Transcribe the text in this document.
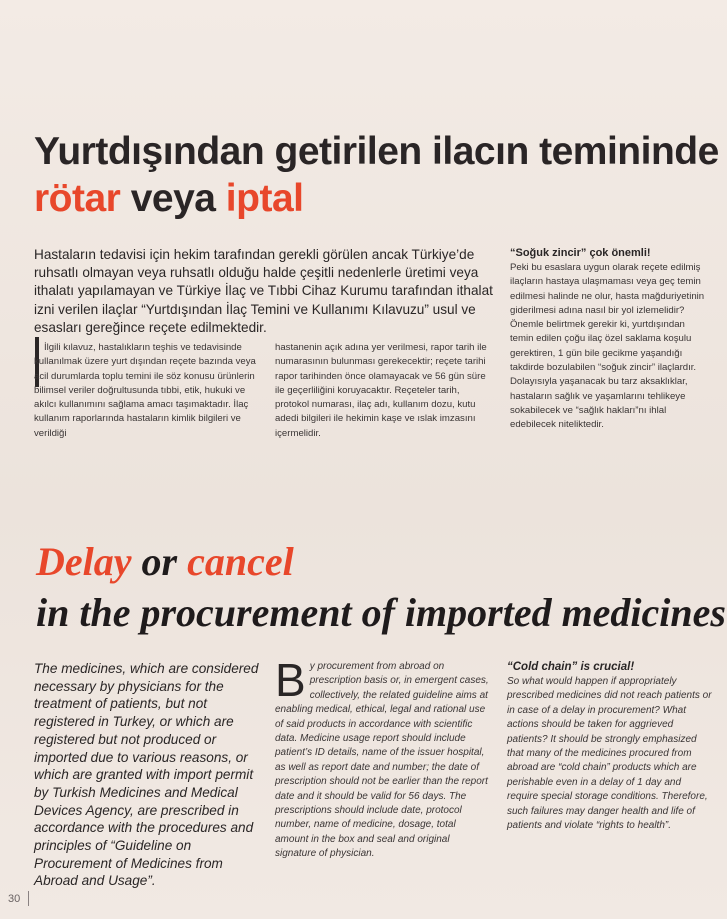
Yurtdışından getirilen ilacın temininde
rötar veya iptal

Hastaların tedavisi için hekim tarafından gerekli görülen ancak Türkiye’de ruhsatlı olmayan veya ruhsatlı olduğu halde çeşitli nedenlerle üretimi veya ithalatı yapılamayan ve Türkiye İlaç ve Tıbbi Cihaz Kurumu tarafından ithalat izni verilen ilaçlar “Yurtdışından İlaç Temini ve Kullanımı Kılavuzu” usul ve esasları gereğince reçete edilmektedir.

İlgili kılavuz, hastalıkların teşhis ve tedavisinde kullanılmak üzere yurt dışından reçete bazında veya acil durumlarda toplu temini ile söz konusu ürünlerin bilimsel veriler doğrultusunda tıbbi, etik, hukuki ve akılcı kullanımını sağlama amacı taşımaktadır. İlaç kullanım raporlarında hastaların kimlik bilgileri ve verildiği

hastanenin açık adına yer verilmesi, rapor tarih ile numarasının bulunması gerekecektir; reçete tarihi rapor tarihinden önce olamayacak ve 56 gün süre ile geçerliliğini koruyacaktır. Reçeteler tarih, protokol numarası, ilaç adı, kullanım dozu, kutu adedi bilgileri ile hekimin kaşe ve ıslak imzasını içermelidir.

“Soğuk zincir” çok önemli!

Peki bu esaslara uygun olarak reçete edilmiş ilaçların hastaya ulaşmaması veya geç temin edilmesi halinde ne olur, hasta mağduriyetinin giderilmesi adına nasıl bir yol izlemelidir? Önemle belirtmek gerekir ki, yurtdışından temin edilen çoğu ilaç özel saklama koşulu gerektiren, 1 gün bile gecikme yaşandığı takdirde bozulabilen “soğuk zincir” ilaçlardır. Dolayısıyla yaşanacak bu tarz aksaklıklar, hastaların sağlık ve yaşamlarını tehlikeye sokabilecek ve “sağlık hakları”nı ihlal edebilecek niteliktedir.

Delay or cancel
in the procurement of imported medicines

The medicines, which are considered necessary by physicians for the treatment of patients, but not registered in Turkey, or which are registered but not produced or imported due to various reasons, or which are granted with import permit by Turkish Medicines and Medical Devices Agency, are prescribed in accordance with the procedures and principles of “Guideline on Procurement of Medicines from Abroad and Usage”.

By procurement from abroad on prescription basis or, in emergent cases, collectively, the related guideline aims at enabling medical, ethical, legal and rational use of said products in accordance with scientific data. Medicine usage report should include patient’s ID details, name of the issuer hospital, as well as report date and number; the date of prescription should not be earlier than the report date and it should be valid for 56 days. The prescriptions should include date, protocol number, name of medicine, dosage, total amount in the box and seal and original signature of physician.

“Cold chain” is crucial!

So what would happen if appropriately prescribed medicines did not reach patients or in case of a delay in procurement? What actions should be taken for aggrieved patients? It should be strongly emphasized that many of the medicines procured from abroad are “cold chain” products which are perishable even in a delay of 1 day and require special storage conditions. Therefore, such failures may danger health and life of patients and violate “rights to health”.

30
